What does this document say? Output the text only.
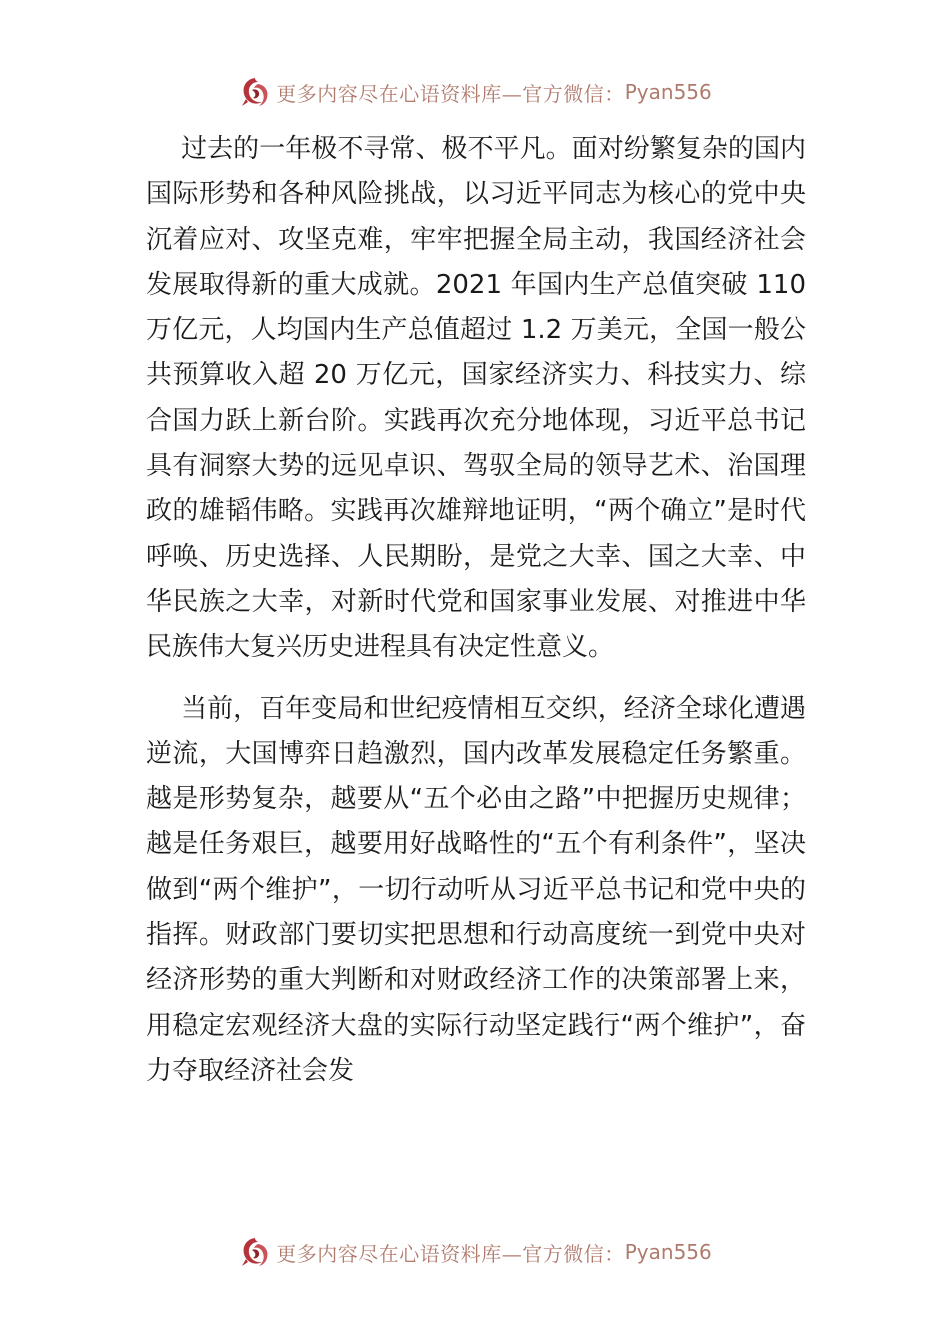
更多内容尽在心语资料库—官方微信： Pyan556

过去的一年极不寻常、极不平凡。面对纷繁复杂的国内国际形势和各种风险挑战，以习近平同志为核心的党中央沉着应对、攻坚克难，牢牢把握全局主动，我国经济社会发展取得新的重大成就。2021 年国内生产总值突破 110 万亿元，人均国内生产总值超过 1.2 万美元，全国一般公共预算收入超 20 万亿元，国家经济实力、科技实力、综合国力跃上新台阶。实践再次充分地体现，习近平总书记具有洞察大势的远见卓识、驾驭全局的领导艺术、治国理政的雄韬伟略。实践再次雄辩地证明，“两个确立”是时代呼唤、历史选择、人民期盼，是党之大幸、国之大幸、中华民族之大幸，对新时代党和国家事业发展、对推进中华民族伟大复兴历史进程具有决定性意义。

当前，百年变局和世纪疫情相互交织，经济全球化遭遇逆流，大国博弈日趋激烈，国内改革发展稳定任务繁重。越是形势复杂，越要从“五个必由之路”中把握历史规律；越是任务艰巨，越要用好战略性的“五个有利条件”，坚决做到“两个维护”，一切行动听从习近平总书记和党中央的指挥。财政部门要切实把思想和行动高度统一到党中央对经济形势的重大判断和对财政经济工作的决策部署上来，用稳定宏观经济大盘的实际行动坚定践行“两个维护”，奋力夺取经济社会发

更多内容尽在心语资料库—官方微信： Pyan556
